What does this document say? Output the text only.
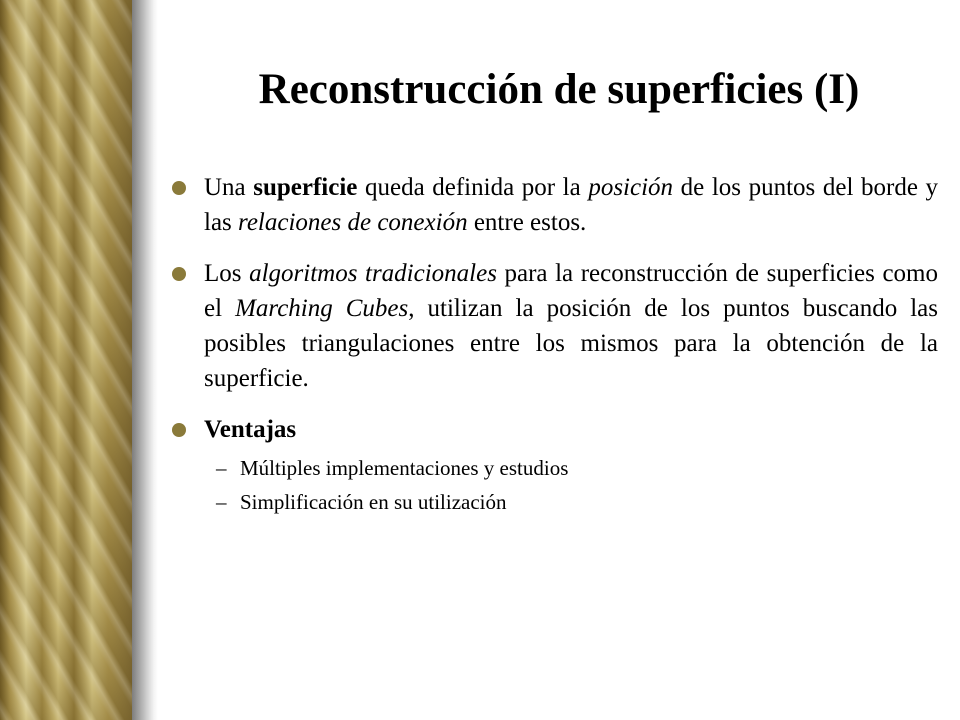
Reconstrucción de superficies (I)
Una superficie queda definida por la posición de los puntos del borde y las relaciones de conexión entre estos.
Los algoritmos tradicionales para la reconstrucción de superficies como el Marching Cubes, utilizan la posición de los puntos buscando las posibles triangulaciones entre los mismos para la obtención de la superficie.
Ventajas
– Múltiples implementaciones y estudios
– Simplificación en su utilización
